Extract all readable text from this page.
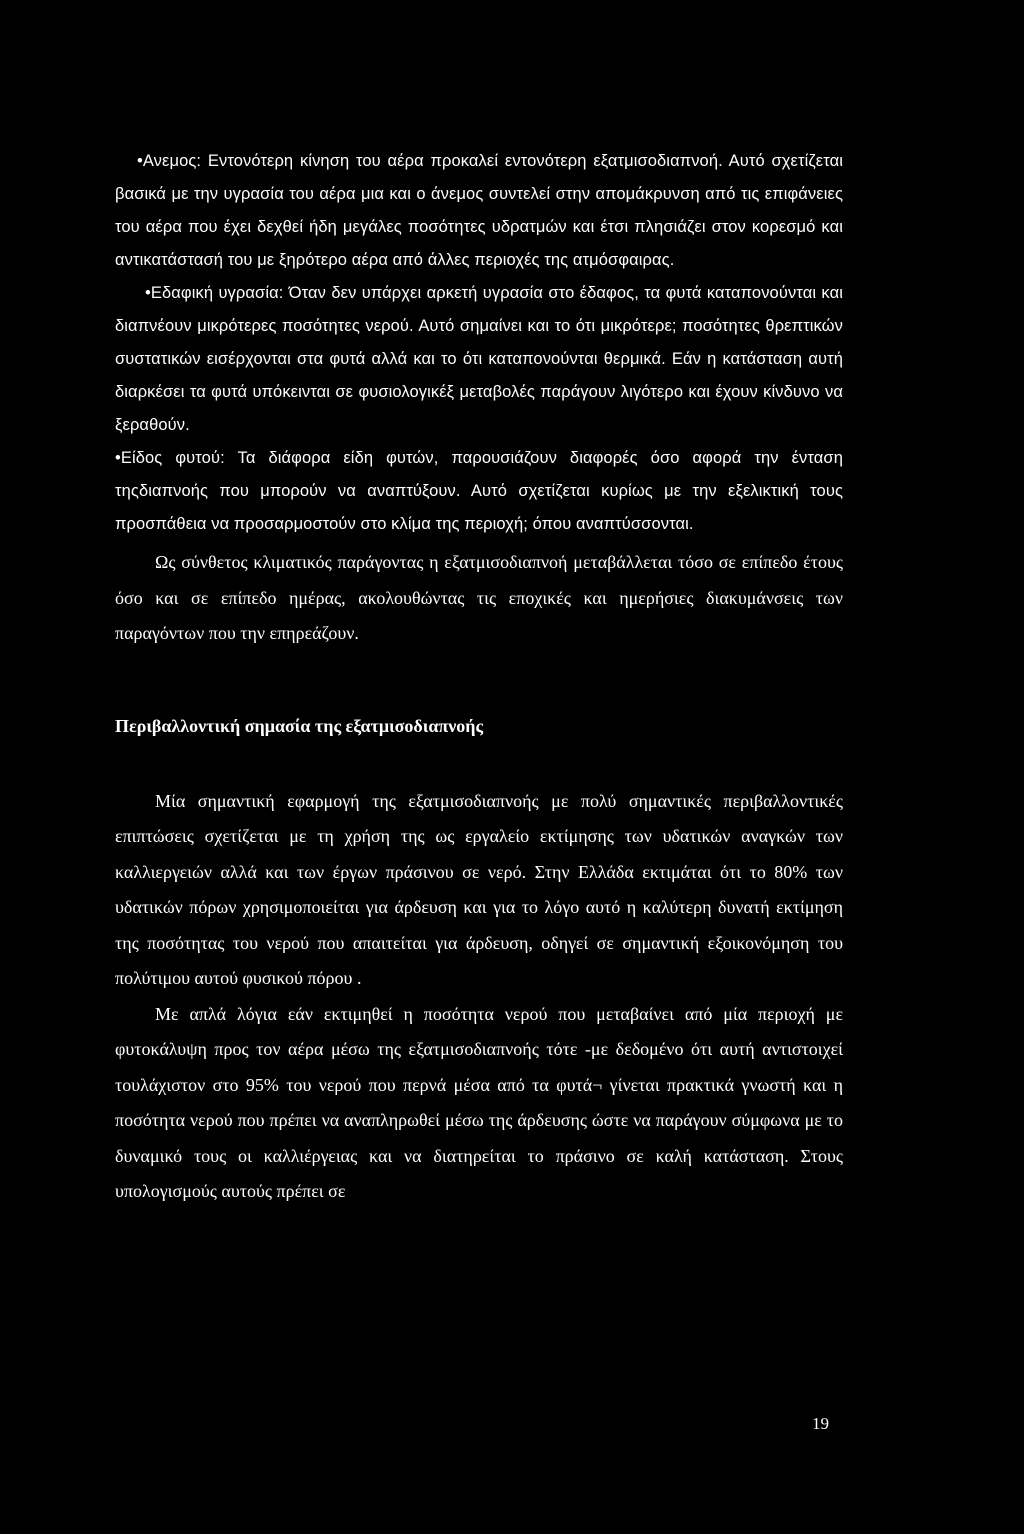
•Ανεμος: Εντονότερη κίνηση του αέρα προκαλεί εντονότερη εξατμισοδιαπνοή. Αυτό σχετίζεται βασικά με την υγρασία του αέρα μια και ο άνεμος συντελεί στην απομάκρυνση από τις επιφάνειες του αέρα που έχει δεχθεί ήδη μεγάλες ποσότητες υδρατμών και έτσι πλησιάζει στον κορεσμό και αντικατάστασή του με ξηρότερο αέρα από άλλες περιοχές της ατμόσφαιρας.

•Εδαφική υγρασία: Όταν δεν υπάρχει αρκετή υγρασία στο έδαφος, τα φυτά καταπονούνται και διαπνέουν μικρότερες ποσότητες νερού. Αυτό σημαίνει και το ότι μικρότερε; ποσότητες θρεπτικών συστατικών εισέρχονται στα φυτά αλλά και το ότι καταπονούνται θερμικά. Εάν η κατάσταση αυτή διαρκέσει τα φυτά υπόκεινται σε φυσιολογικέξ μεταβολές παράγουν λιγότερο και έχουν κίνδυνο να ξεραθούν.

•Είδος φυτού: Τα διάφορα είδη φυτών, παρουσιάζουν διαφορές όσο αφορά την ένταση τηςδιαπνοής που μπορούν να αναπτύξουν. Αυτό σχετίζεται κυρίως με την εξελικτική τους προσπάθεια να προσαρμοστούν στο κλίμα της περιοχή; όπου αναπτύσσονται.

Ως σύνθετος κλιματικός παράγοντας η εξατμισοδιαπνοή μεταβάλλεται τόσο σε επίπεδο έτους όσο και σε επίπεδο ημέρας, ακολουθώντας τις εποχικές και ημερήσιες διακυμάνσεις των παραγόντων που την επηρεάζουν.

Περιβαλλοντική σημασία της εξατμισοδιαπνοής

Μία σημαντική εφαρμογή της εξατμισοδιαπνοής με πολύ σημαντικές περιβαλλοντικές επιπτώσεις σχετίζεται με τη χρήση της ως εργαλείο εκτίμησης των υδατικών αναγκών των καλλιεργειών αλλά και των έργων πράσινου σε νερό. Στην Ελλάδα εκτιμάται ότι το 80% των υδατικών πόρων χρησιμοποιείται για άρδευση και για το λόγο αυτό η καλύτερη δυνατή εκτίμηση της ποσότητας του νερού που απαιτείται για άρδευση, οδηγεί σε σημαντική εξοικονόμηση του πολύτιμου αυτού φυσικού πόρου .

Με απλά λόγια εάν εκτιμηθεί η ποσότητα νερού που μεταβαίνει από μία περιοχή με φυτοκάλυψη προς τον αέρα μέσω της εξατμισοδιαπνοής τότε -με δεδομένο ότι αυτή αντιστοιχεί τουλάχιστον στο 95% του νερού που περνά μέσα από τα φυτά¬ γίνεται πρακτικά γνωστή και η ποσότητα νερού που πρέπει να αναπληρωθεί μέσω της άρδευσης ώστε να παράγουν σύμφωνα με το δυναμικό τους οι καλλιέργειας και να διατηρείται το πράσινο σε καλή κατάσταση. Στους υπολογισμούς αυτούς πρέπει σε

19
